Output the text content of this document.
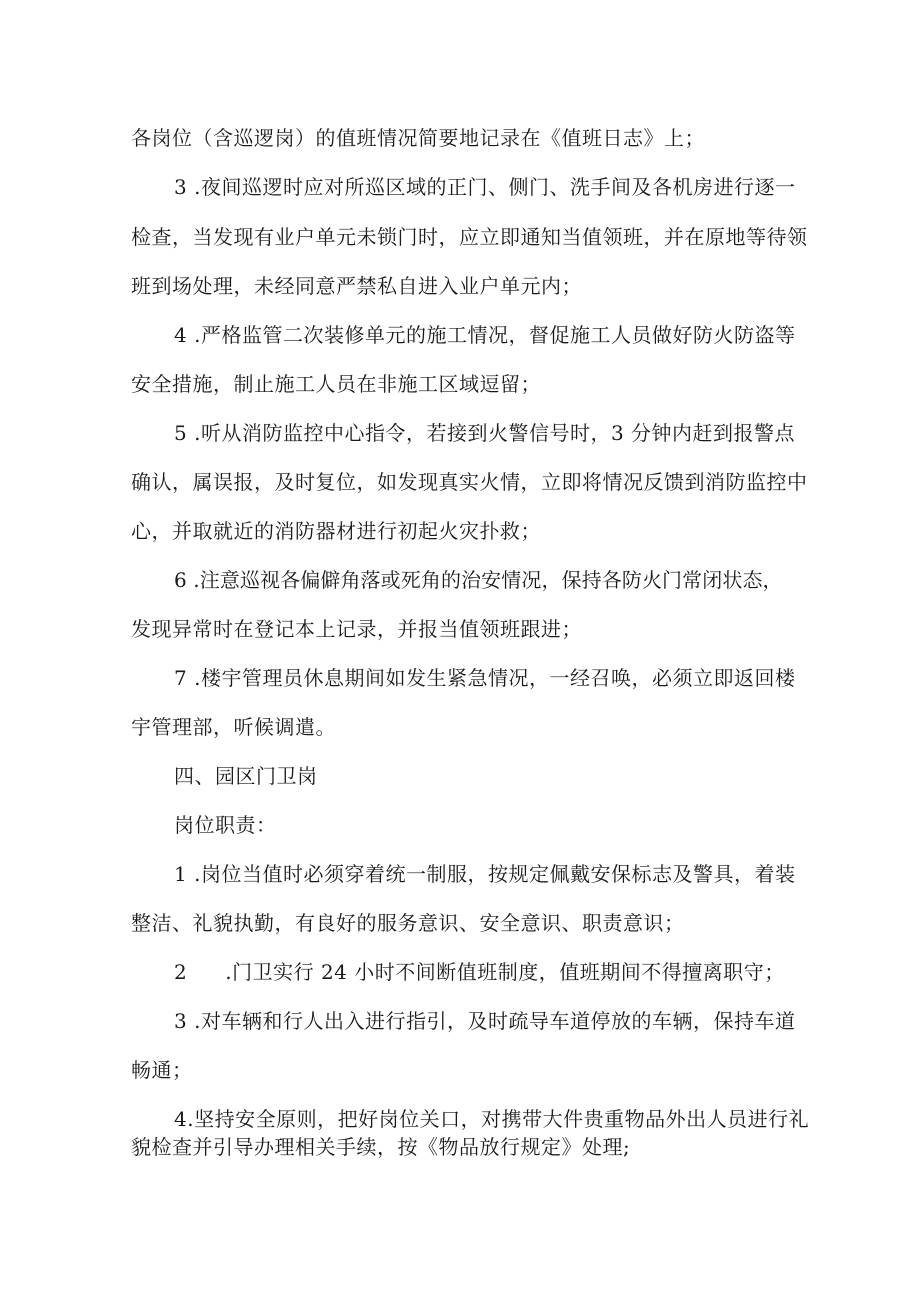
各岗位（含巡逻岗）的值班情况简要地记录在《值班日志》上；
3 .夜间巡逻时应对所巡区域的正门、侧门、洗手间及各机房进行逐一
检查，当发现有业户单元未锁门时，应立即通知当值领班，并在原地等待领
班到场处理，未经同意严禁私自进入业户单元内；
4 .严格监管二次装修单元的施工情况，督促施工人员做好防火防盗等
安全措施，制止施工人员在非施工区域逗留；
5 .听从消防监控中心指令，若接到火警信号时，3 分钟内赶到报警点
确认，属误报，及时复位，如发现真实火情，立即将情况反馈到消防监控中
心，并取就近的消防器材进行初起火灾扑救；
6 .注意巡视各偏僻角落或死角的治安情况，保持各防火门常闭状态，
发现异常时在登记本上记录，并报当值领班跟进；
7 .楼宇管理员休息期间如发生紧急情况，一经召唤，必须立即返回楼
宇管理部，听候调遣。
四、园区门卫岗
岗位职责：
1 .岗位当值时必须穿着统一制服，按规定佩戴安保标志及警具，着装
整洁、礼貌执勤，有良好的服务意识、安全意识、职责意识；
2 .门卫实行 24 小时不间断值班制度，值班期间不得擅离职守；
3 .对车辆和行人出入进行指引，及时疏导车道停放的车辆，保持车道
畅通；
4.坚持安全原则，把好岗位关口，对携带大件贵重物品外出人员进行礼
貌检查并引导办理相关手续，按《物品放行规定》处理;
